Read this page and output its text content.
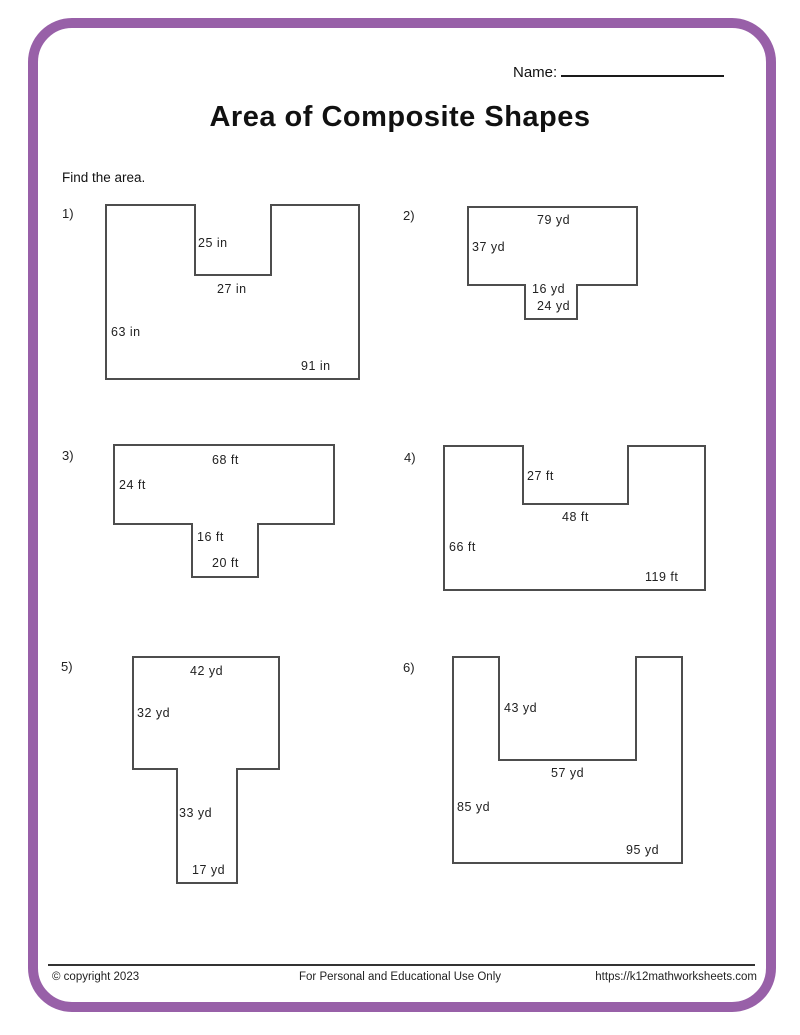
Name:
Area of Composite Shapes
Find the area.
1)
25 in
27 in
63 in
91 in
2)	79 yd
37 yd
16 yd
24 yd
3)	68 ft
24 ft
16 ft
20 ft
4)
27 ft
48 ft
66 ft
119 ft
5)	42 yd
32 yd
33 yd
17 yd
6)
43 yd
57 yd
85 yd
95 yd
© copyright 2023	For Personal and Educational Use Only	https://k12mathworksheets.com
